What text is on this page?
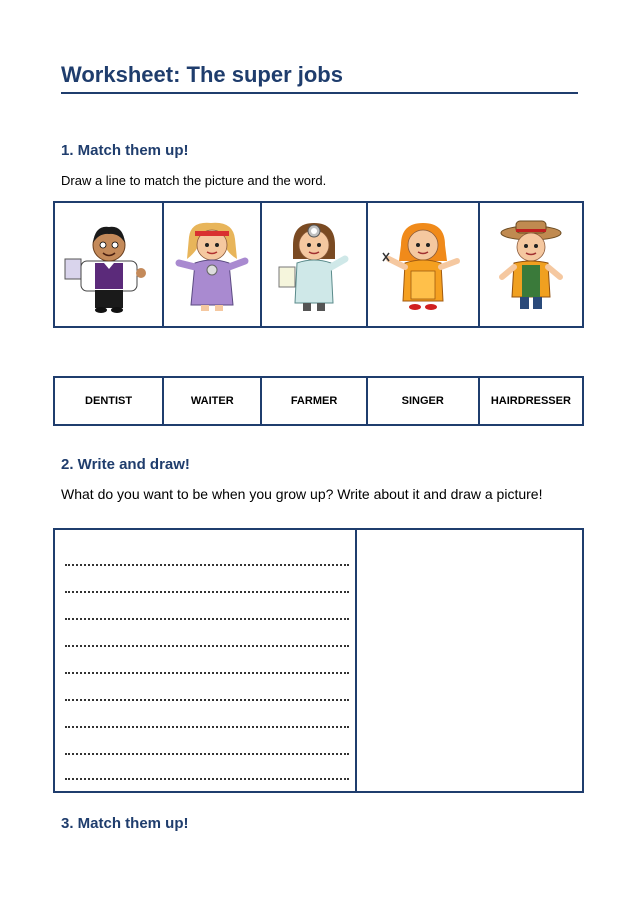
Worksheet: The super jobs
1. Match them up!
Draw a line to match the picture and the word.
DENTIST	WAITER	FARMER	SINGER	HAIRDRESSER
2. Write and draw!
What do you want to be when you grow up? Write about it and draw a picture!
3. Match them up!
